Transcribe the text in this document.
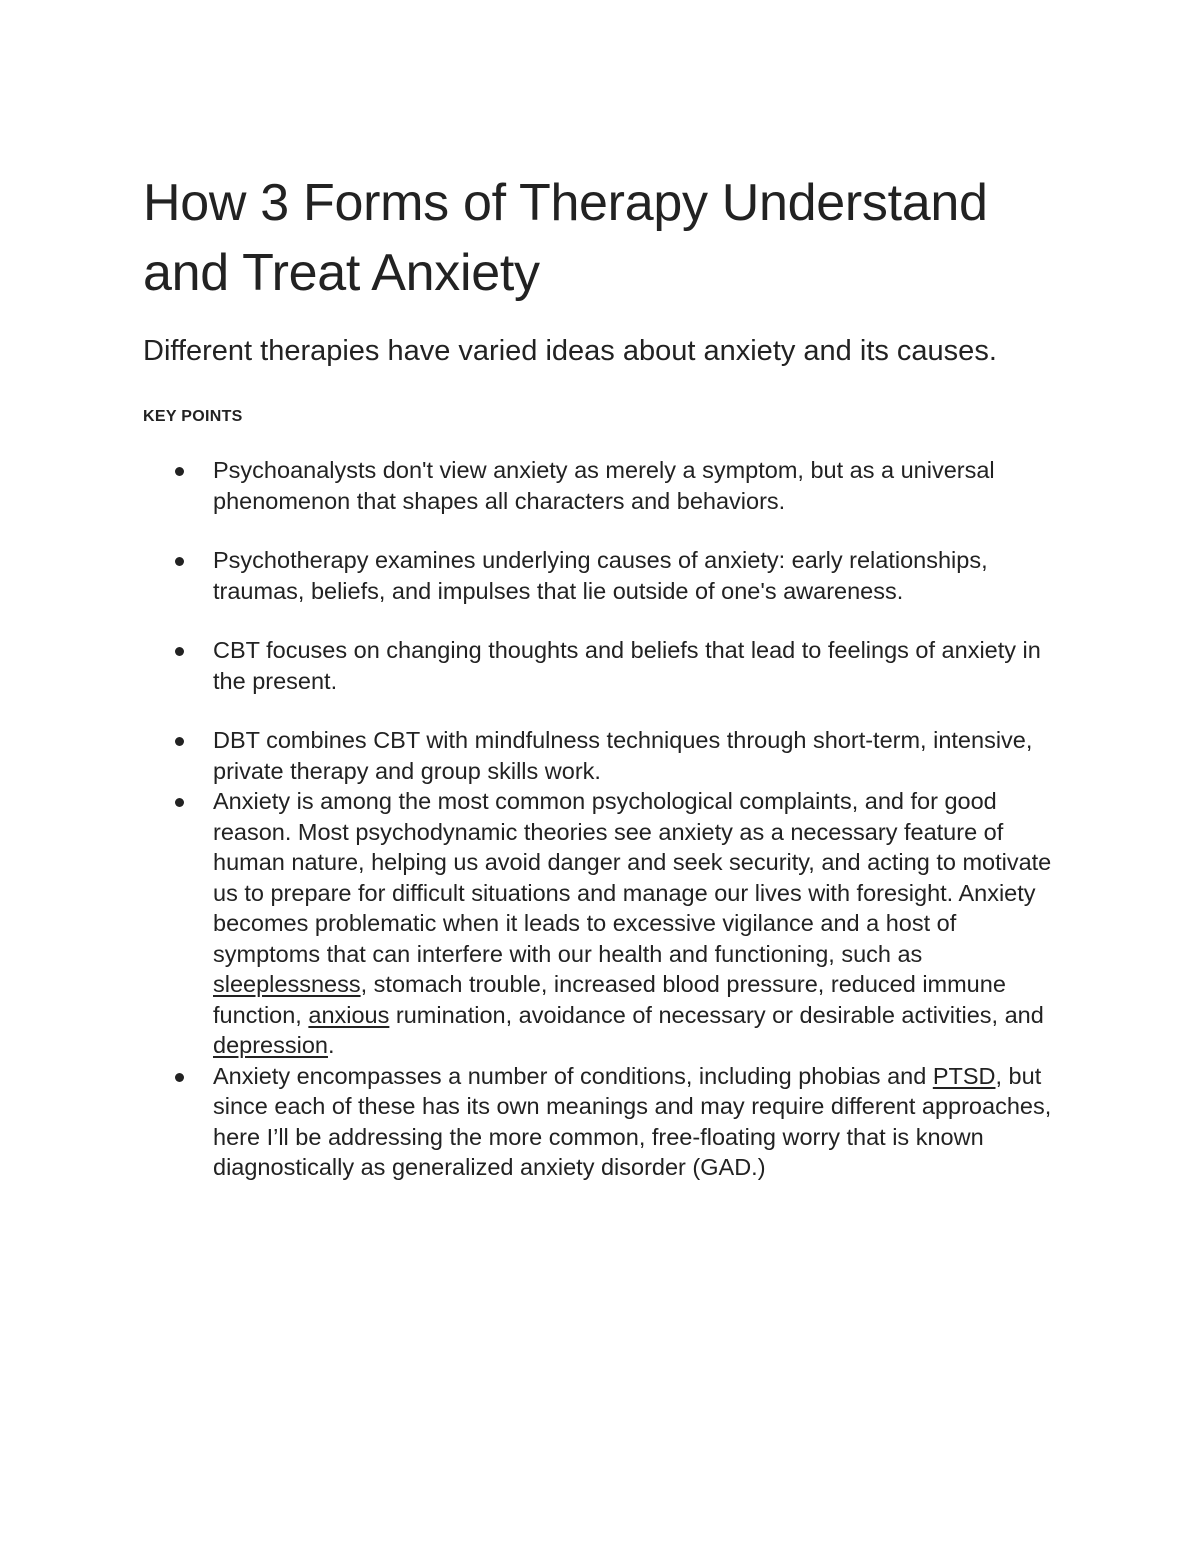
How 3 Forms of Therapy Understand and Treat Anxiety
Different therapies have varied ideas about anxiety and its causes.
KEY POINTS
Psychoanalysts don't view anxiety as merely a symptom, but as a universal phenomenon that shapes all characters and behaviors.
Psychotherapy examines underlying causes of anxiety: early relationships, traumas, beliefs, and impulses that lie outside of one's awareness.
CBT focuses on changing thoughts and beliefs that lead to feelings of anxiety in the present.
DBT combines CBT with mindfulness techniques through short-term, intensive, private therapy and group skills work.
Anxiety is among the most common psychological complaints, and for good reason. Most psychodynamic theories see anxiety as a necessary feature of human nature, helping us avoid danger and seek security, and acting to motivate us to prepare for difficult situations and manage our lives with foresight. Anxiety becomes problematic when it leads to excessive vigilance and a host of symptoms that can interfere with our health and functioning, such as sleeplessness, stomach trouble, increased blood pressure, reduced immune function, anxious rumination, avoidance of necessary or desirable activities, and depression.
Anxiety encompasses a number of conditions, including phobias and PTSD, but since each of these has its own meanings and may require different approaches, here I’ll be addressing the more common, free-floating worry that is known diagnostically as generalized anxiety disorder (GAD.)
